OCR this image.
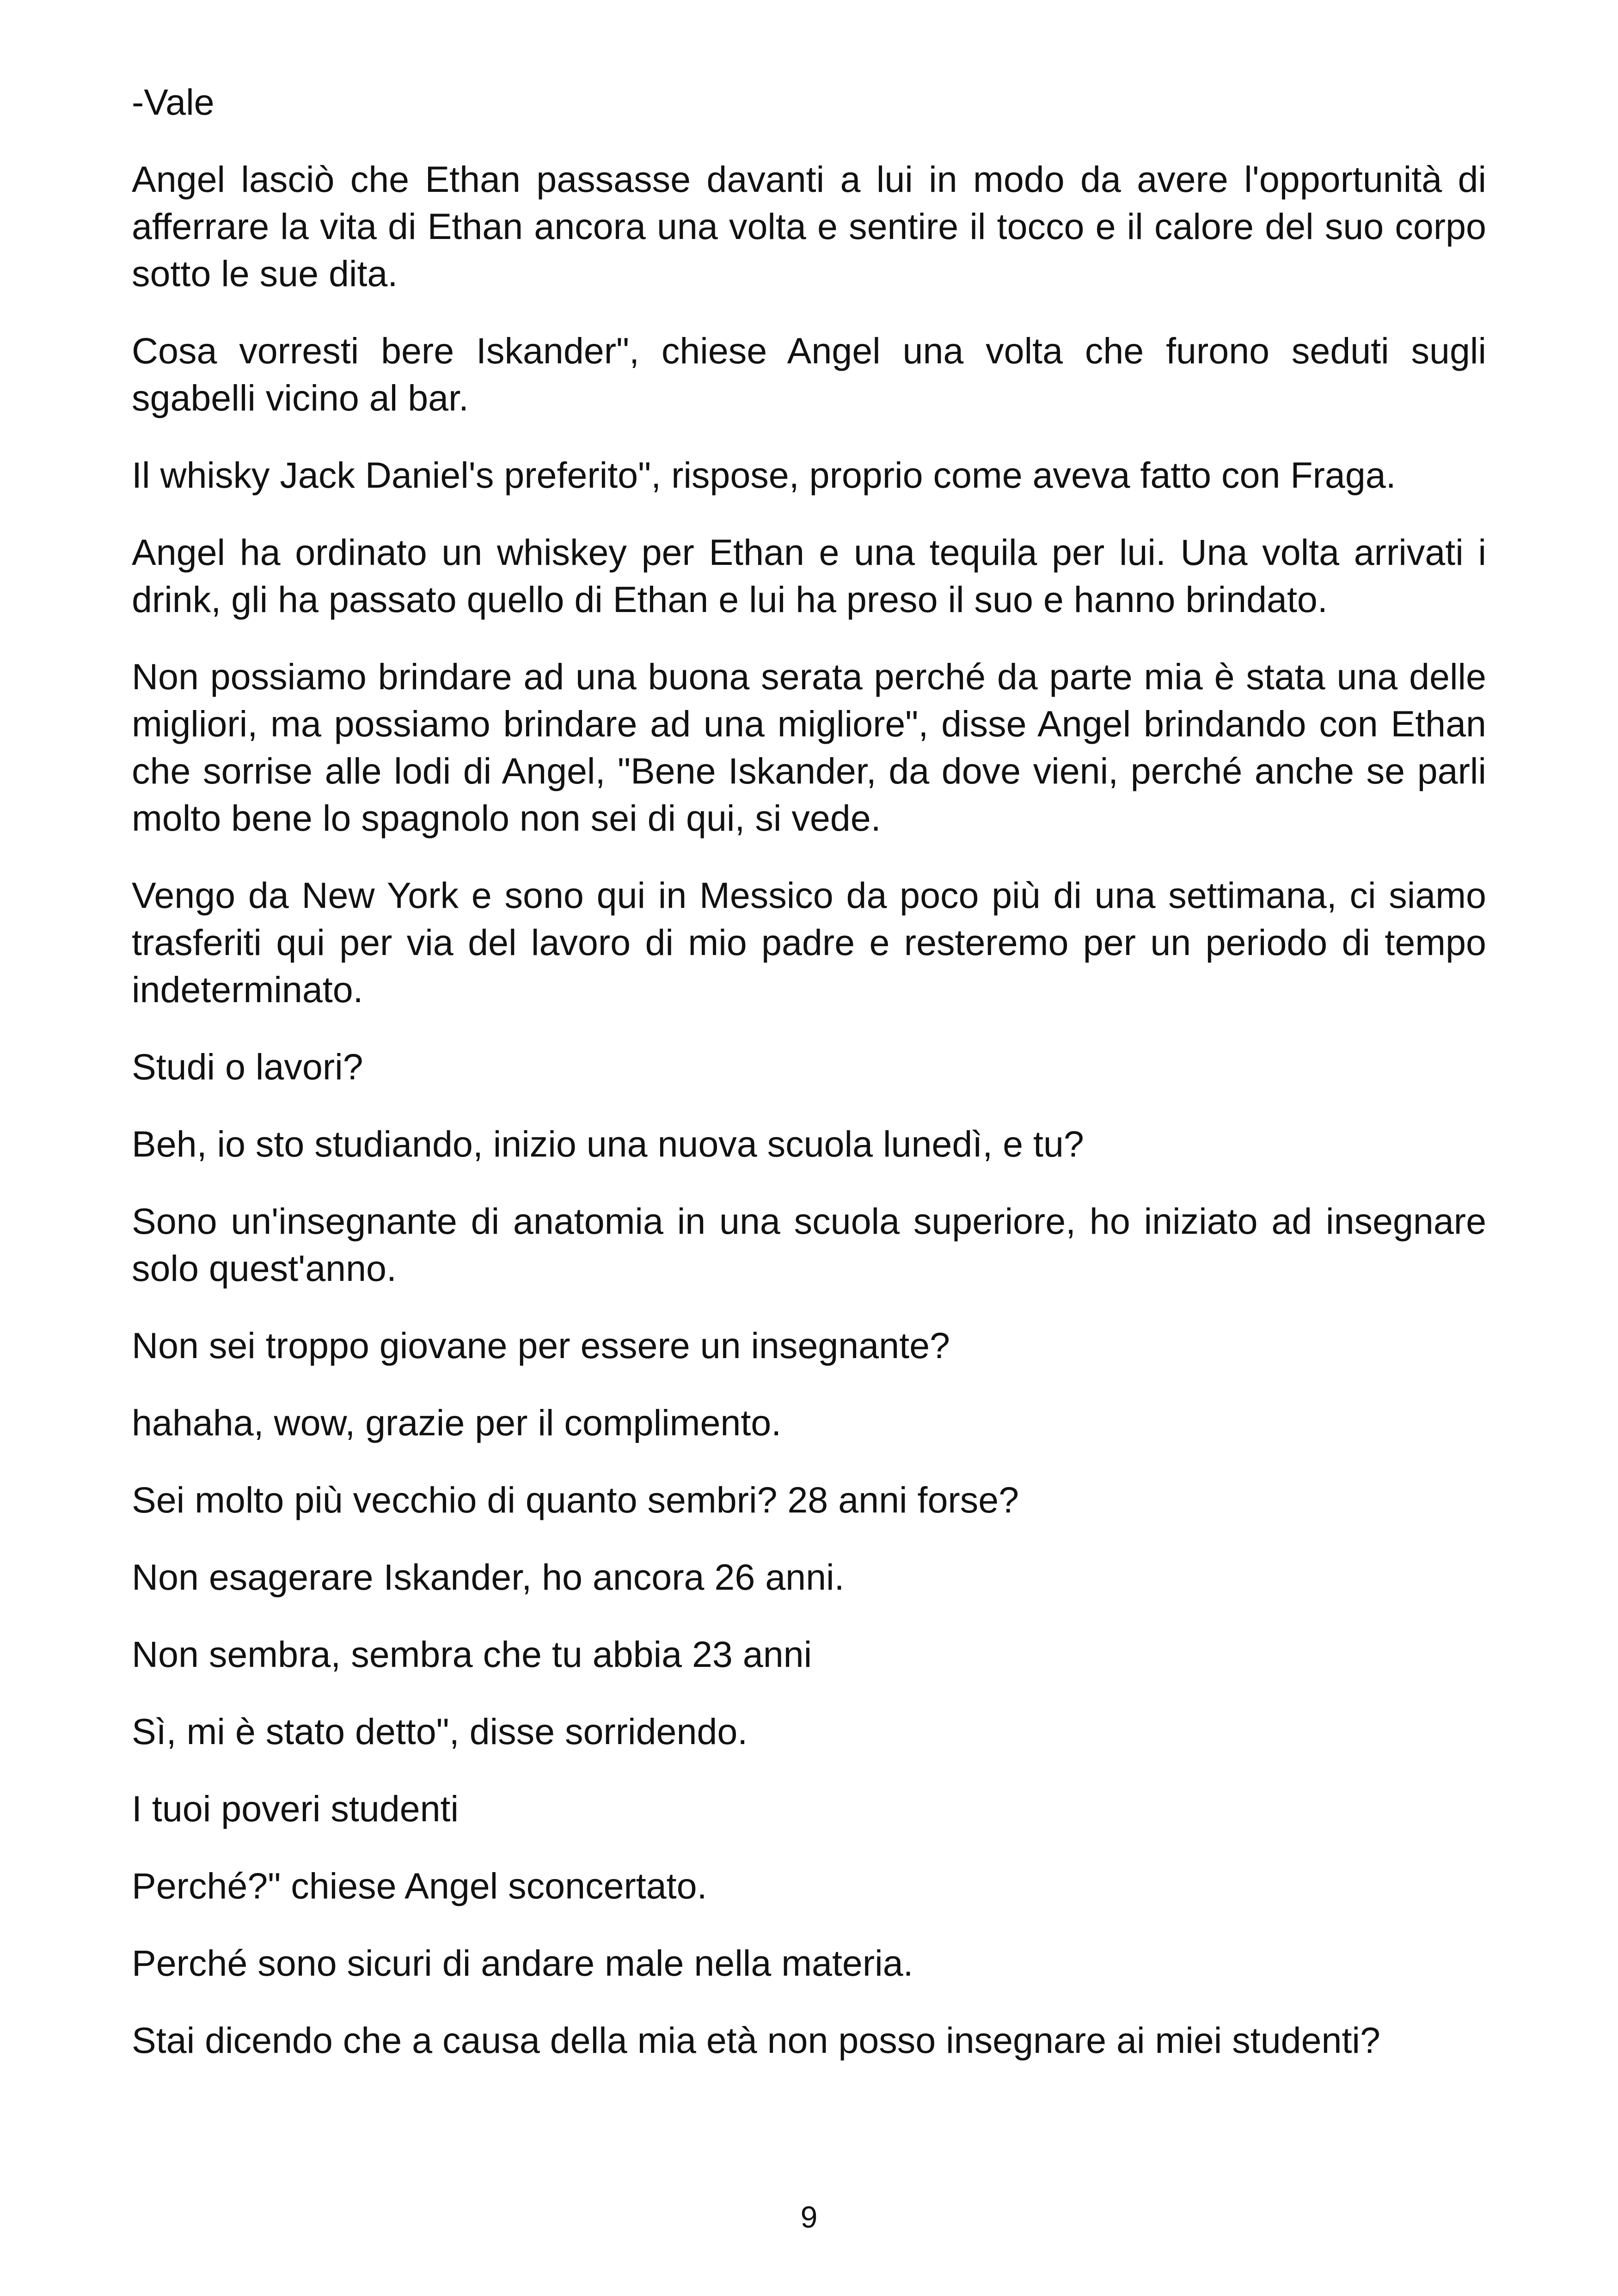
-Vale

Angel lasciò che Ethan passasse davanti a lui in modo da avere l'opportunità di afferrare la vita di Ethan ancora una volta e sentire il tocco e il calore del suo corpo sotto le sue dita.

Cosa vorresti bere Iskander", chiese Angel una volta che furono seduti sugli sgabelli vicino al bar.

Il whisky Jack Daniel's preferito", rispose, proprio come aveva fatto con Fraga.

Angel ha ordinato un whiskey per Ethan e una tequila per lui. Una volta arrivati i drink, gli ha passato quello di Ethan e lui ha preso il suo e hanno brindato.

Non possiamo brindare ad una buona serata perché da parte mia è stata una delle migliori, ma possiamo brindare ad una migliore", disse Angel brindando con Ethan che sorrise alle lodi di Angel, "Bene Iskander, da dove vieni, perché anche se parli molto bene lo spagnolo non sei di qui, si vede.

Vengo da New York e sono qui in Messico da poco più di una settimana, ci siamo trasferiti qui per via del lavoro di mio padre e resteremo per un periodo di tempo indeterminato.

Studi o lavori?

Beh, io sto studiando, inizio una nuova scuola lunedì, e tu?

Sono un'insegnante di anatomia in una scuola superiore, ho iniziato ad insegnare solo quest'anno.

Non sei troppo giovane per essere un insegnante?

hahaha, wow, grazie per il complimento.

Sei molto più vecchio di quanto sembri? 28 anni forse?

Non esagerare Iskander, ho ancora 26 anni.

Non sembra, sembra che tu abbia 23 anni

Sì, mi è stato detto", disse sorridendo.

I tuoi poveri studenti

Perché?" chiese Angel sconcertato.

Perché sono sicuri di andare male nella materia.

Stai dicendo che a causa della mia età non posso insegnare ai miei studenti?

9
